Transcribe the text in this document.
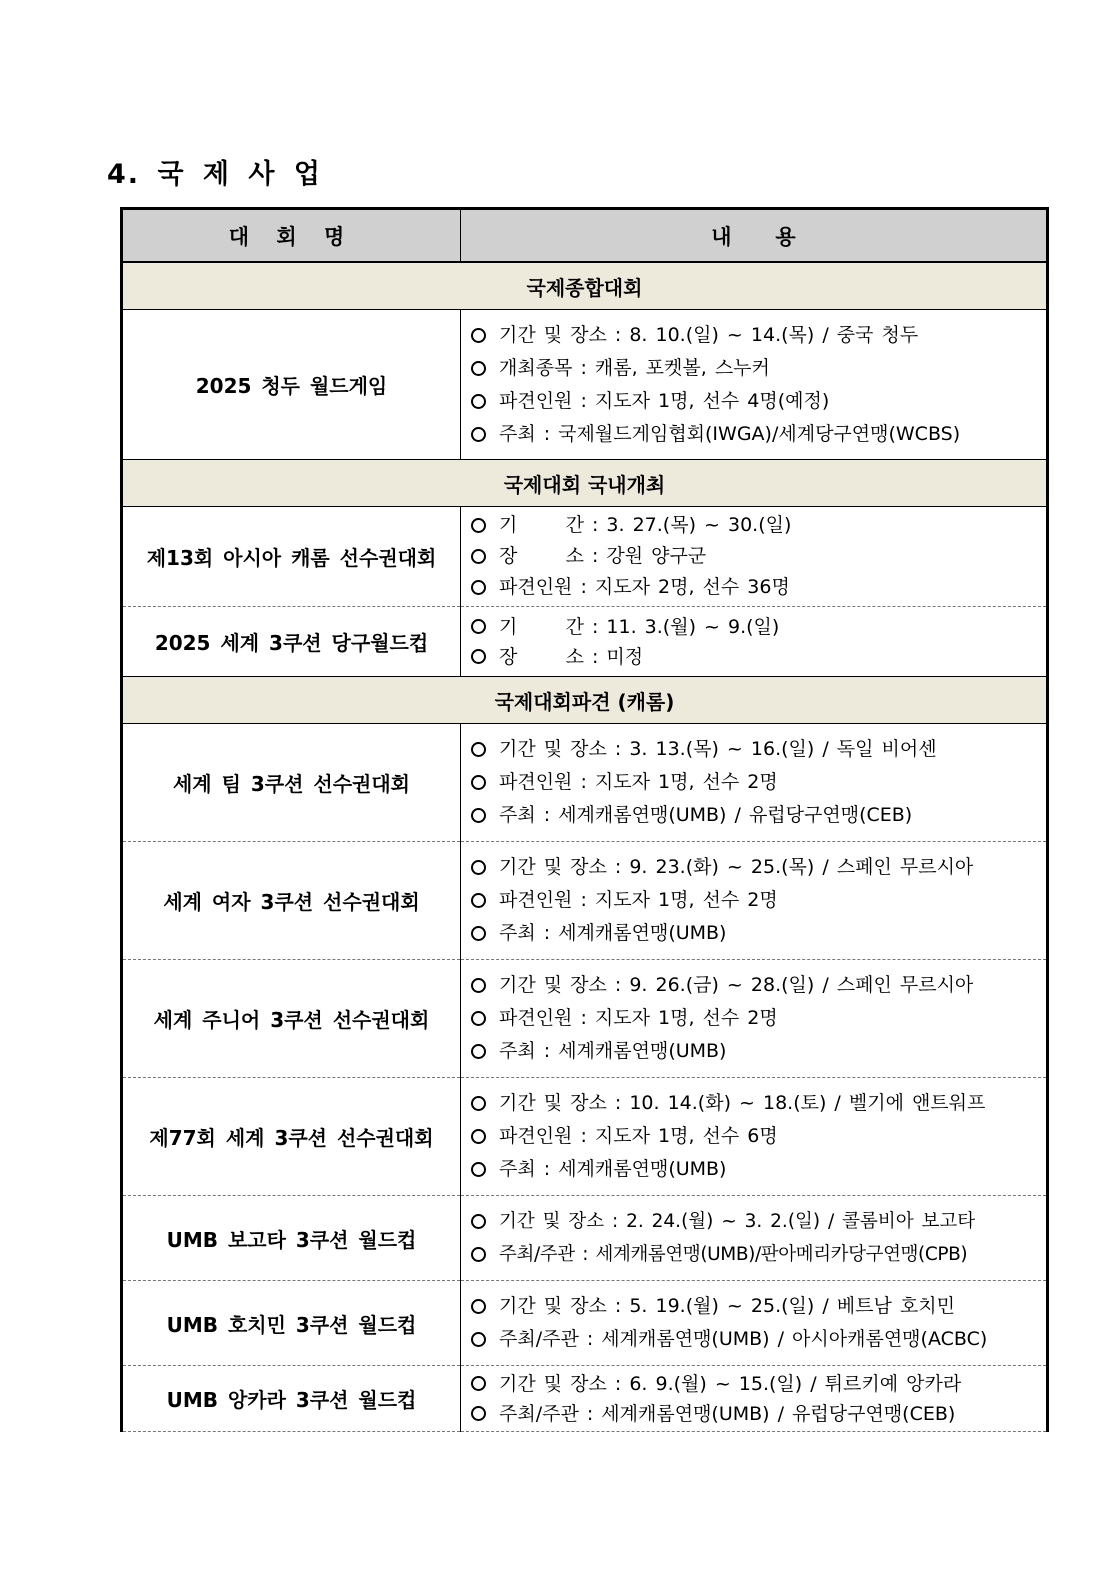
4. 국 제 사 업
대 회 명	내      용
국제종합대회	
2025 청두 월드게임	기간 및 장소 : 8. 10.(일) ~ 14.(목) / 중국 청두
개최종목 : 캐롬, 포켓볼, 스누커
파견인원 : 지도자 1명, 선수 4명(예정)
주최 : 국제월드게임협회(IWGA)/세계당구연맹(WCBS)

국제대회 국내개최	
제13회 아시아 캐롬 선수권대회	기      간 : 3. 27.(목) ~ 30.(일)
장      소 : 강원 양구군
파견인원 : 지도자 2명, 선수 36명

2025 세계 3쿠션 당구월드컵	기      간 : 11. 3.(월) ~ 9.(일)
장      소 : 미정

국제대회파견 (캐롬)	
세계 팀 3쿠션 선수권대회	기간 및 장소 : 3. 13.(목) ~ 16.(일) / 독일 비어센
파견인원 : 지도자 1명, 선수 2명
주최 : 세계캐롬연맹(UMB) / 유럽당구연맹(CEB)

세계 여자 3쿠션 선수권대회	기간 및 장소 : 9. 23.(화) ~ 25.(목) / 스페인 무르시아
파견인원 : 지도자 1명, 선수 2명
주최 : 세계캐롬연맹(UMB)

세계 주니어 3쿠션 선수권대회	기간 및 장소 : 9. 26.(금) ~ 28.(일) / 스페인 무르시아
파견인원 : 지도자 1명, 선수 2명
주최 : 세계캐롬연맹(UMB)

제77회 세계 3쿠션 선수권대회	기간 및 장소 : 10. 14.(화) ~ 18.(토) / 벨기에 앤트워프
파견인원 : 지도자 1명, 선수 6명
주최 : 세계캐롬연맹(UMB)

UMB 보고타 3쿠션 월드컵	기간 및 장소 : 2. 24.(월) ~ 3. 2.(일) / 콜롬비아 보고타
주최/주관 : 세계캐롬연맹(UMB)/판아메리카당구연맹(CPB)

UMB 호치민 3쿠션 월드컵	기간 및 장소 : 5. 19.(월) ~ 25.(일) / 베트남 호치민
주최/주관 : 세계캐롬연맹(UMB) / 아시아캐롬연맹(ACBC)

UMB 앙카라 3쿠션 월드컵	기간 및 장소 : 6. 9.(월) ~ 15.(일) / 튀르키예 앙카라
주최/주관 : 세계캐롬연맹(UMB) / 유럽당구연맹(CEB)
